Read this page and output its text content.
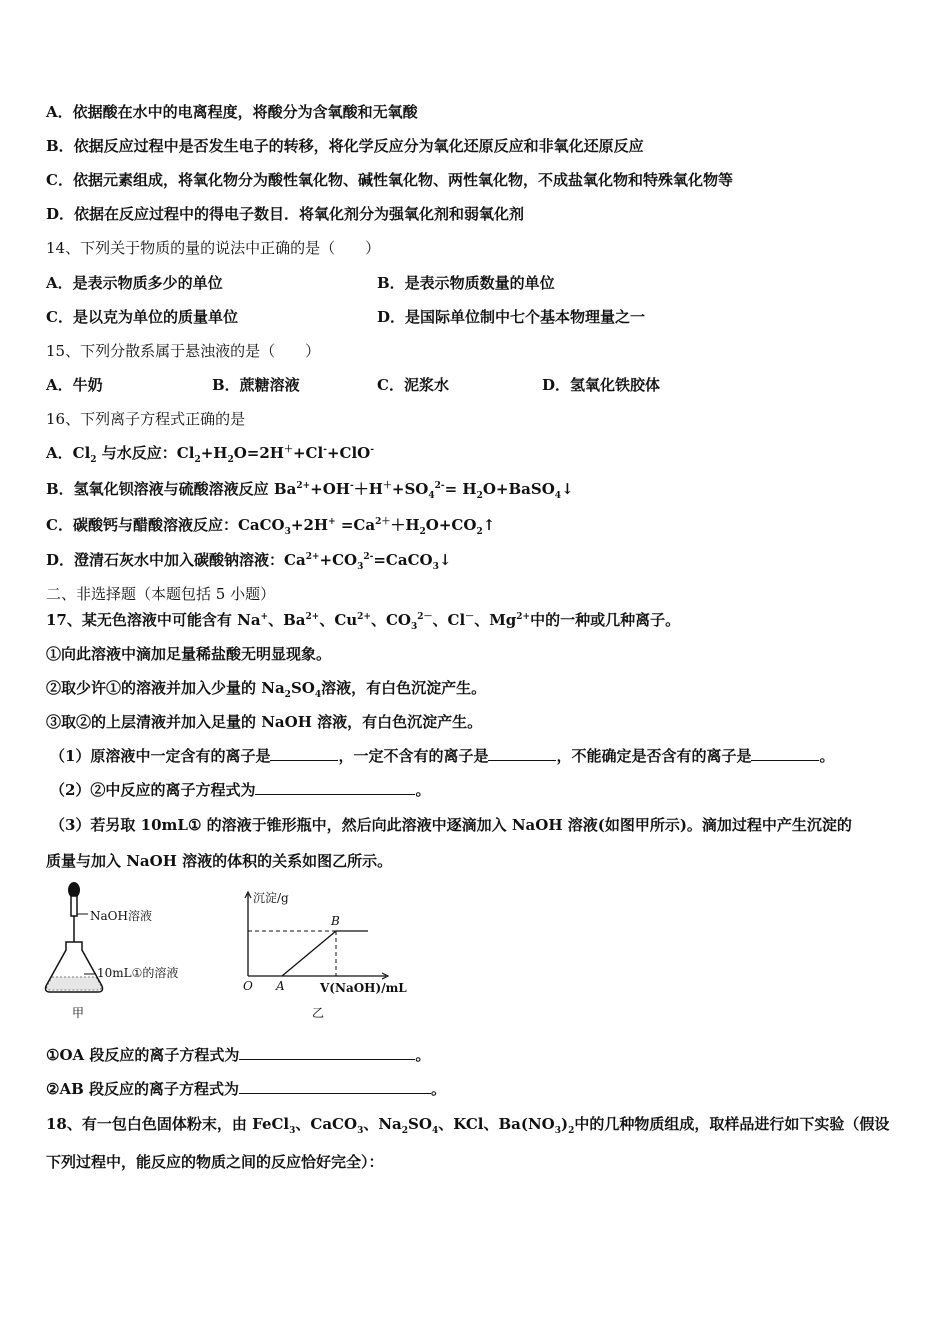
A．依据酸在水中的电离程度，将酸分为含氧酸和无氧酸
B．依据反应过程中是否发生电子的转移，将化学反应分为氧化还原反应和非氧化还原反应
C．依据元素组成，将氧化物分为酸性氧化物、碱性氧化物、两性氧化物，不成盐氧化物和特殊氧化物等
D．依据在反应过程中的得电子数目．将氧化剂分为强氧化剂和弱氧化剂
14、下列关于物质的量的说法中正确的是（　　）
A．是表示物质多少的单位	B．是表示物质数量的单位
C．是以克为单位的质量单位	D．是国际单位制中七个基本物理量之一
15、下列分散系属于悬浊液的是（　　）
A．牛奶	B．蔗糖溶液	C．泥浆水	D．氢氧化铁胶体
16、下列离子方程式正确的是
A．$Cl_2$ 与水反应：$Cl_2+H_2O=2H^++Cl^-+ClO^-$
B．氢氧化钡溶液与硫酸溶液反应 $Ba^{2+}+OH^-+H^++SO_4^{2-}=$ $H_2O+BaSO_4↓$
C．碳酸钙与醋酸溶液反应：CaCO$_3$+2H+ $=Ca^{2+}+H_2O+CO_2↑$
D．澄清石灰水中加入碳酸钠溶液：$Ca^{2+}+CO_3^{2-}=CaCO_3↓$
二、非选择题（本题包括 5 小题）
17、某无色溶液中可能含有 Na+、$Ba^{2+}$、$Cu^{2+}$、$CO_3^{2-}$、Cl－、$Mg^{2+}$中的一种或几种离子。
①向此溶液中滴加足量稀盐酸无明显现象。
②取少许①的溶液并加入少量的 $Na_2SO_4$溶液，有白色沉淀产生。
③取②的上层清液并加入足量的 NaOH 溶液，有白色沉淀产生。
（1）原溶液中一定含有的离子是	，一定不含有的离子是	，不能确定是否含有的离子是	。
（2）②中反应的离子方程式为	。
（3）若另取 10mL① 的溶液于锥形瓶中，然后向此溶液中逐滴加入 NaOH 溶液(如图甲所示)。滴加过程中产生沉淀的
质量与加入 NaOH 溶液的体积的关系如图乙所示。
NaOH溶液
10mL①的溶液
甲
沉淀/g
B
O A	V(NaOH)/mL
乙
①OA 段反应的离子方程式为	。
②AB 段反应的离子方程式为	。
18、有一包白色固体粉末，由 FeCl$_3$、CaCO$_3$、$Na_2SO_4$、KCl、$Ba(NO_3)_2$中的几种物质组成，取样品进行如下实验（假设
下列过程中，能反应的物质之间的反应恰好完全）：
